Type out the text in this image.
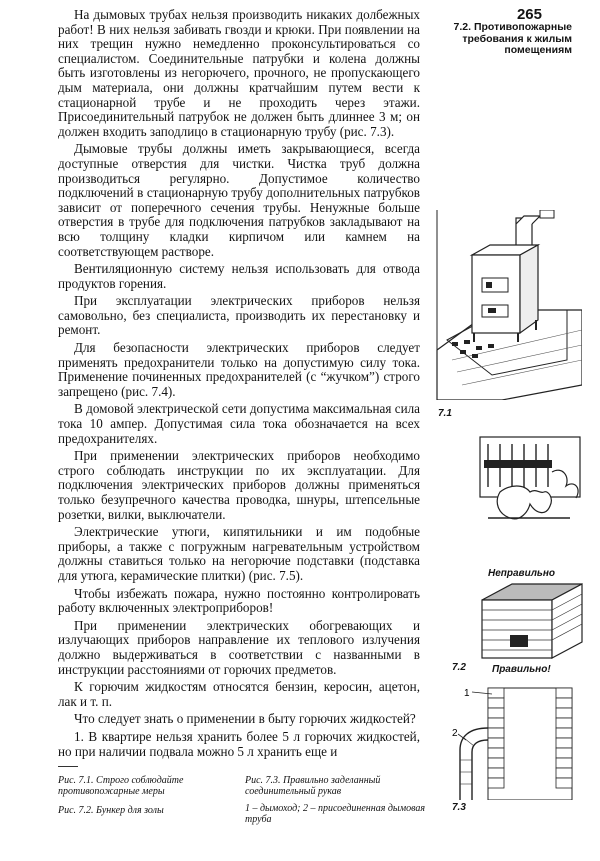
265
7.2. Противопожарные требования к жилым помещениям

На дымовых трубах нельзя производить никаких долбежных работ! В них нельзя забивать гвозди и крюки. При появлении на них трещин нужно немедленно проконсультироваться со специалистом. Соединительные патрубки и колена должны быть изготовлены из негорючего, прочного, не пропускающего дым материала, они должны кратчайшим путем вести к стационарной трубе и не проходить через этажи. Присоединительный патрубок не должен быть длиннее 3 м; он должен входить заподлицо в стационарную трубу (рис. 7.3).

Дымовые трубы должны иметь закрывающиеся, всегда доступные отверстия для чистки. Чистка труб должна производиться регулярно. Допустимое количество подключений в стационарную трубу дополнительных патрубков зависит от поперечного сечения трубы. Ненужные больше отверстия в трубе для подключения патрубков закладывают на всю толщину кладки кирпичом или камнем на соответствующем растворе.

Вентиляционную систему нельзя использовать для отвода продуктов горения.

При эксплуатации электрических приборов нельзя самовольно, без специалиста, производить их перестановку и ремонт.

Для безопасности электрических приборов следует применять предохранители только на допустимую силу тока. Применение починенных предохранителей (с “жучком”) строго запрещено (рис. 7.4).

В домовой электрической сети допустима максимальная сила тока 10 ампер. Допустимая сила тока обозначается на всех предохранителях.

При применении электрических приборов необходимо строго соблюдать инструкции по их эксплуатации. Для подключения электрических приборов должны применяться только безупречного качества проводка, шнуры, штепсельные розетки, вилки, выключатели.

Электрические утюги, кипятильники и им подобные приборы, а также с погружным нагревательным устройством должны ставиться только на негорючие подставки (подставка для утюга, керамические плитки) (рис. 7.5).

Чтобы избежать пожара, нужно постоянно контролировать работу включенных электроприборов!

При применении электрических обогревающих и излучающих приборов направление их теплового излучения должно выдерживаться в соответствии с названными в инструкции расстояниями от горючих предметов.

К горючим жидкостям относятся бензин, керосин, ацетон, лак и т. п.

Что следует знать о применении в быту горючих жидкостей?

1. В квартире нельзя хранить более 5 л горючих жидкостей, но при наличии подвала можно 5 л хранить еще и

7.1
Неправильно
Правильно!
7.2
1
2
7.3

Рис. 7.1. Строго соблюдайте противопожарные меры

Рис. 7.2. Бункер для золы

Рис. 7.3. Правильно заделанный соединительный рукав

1 – дымоход; 2 – присоединенная дымовая труба
